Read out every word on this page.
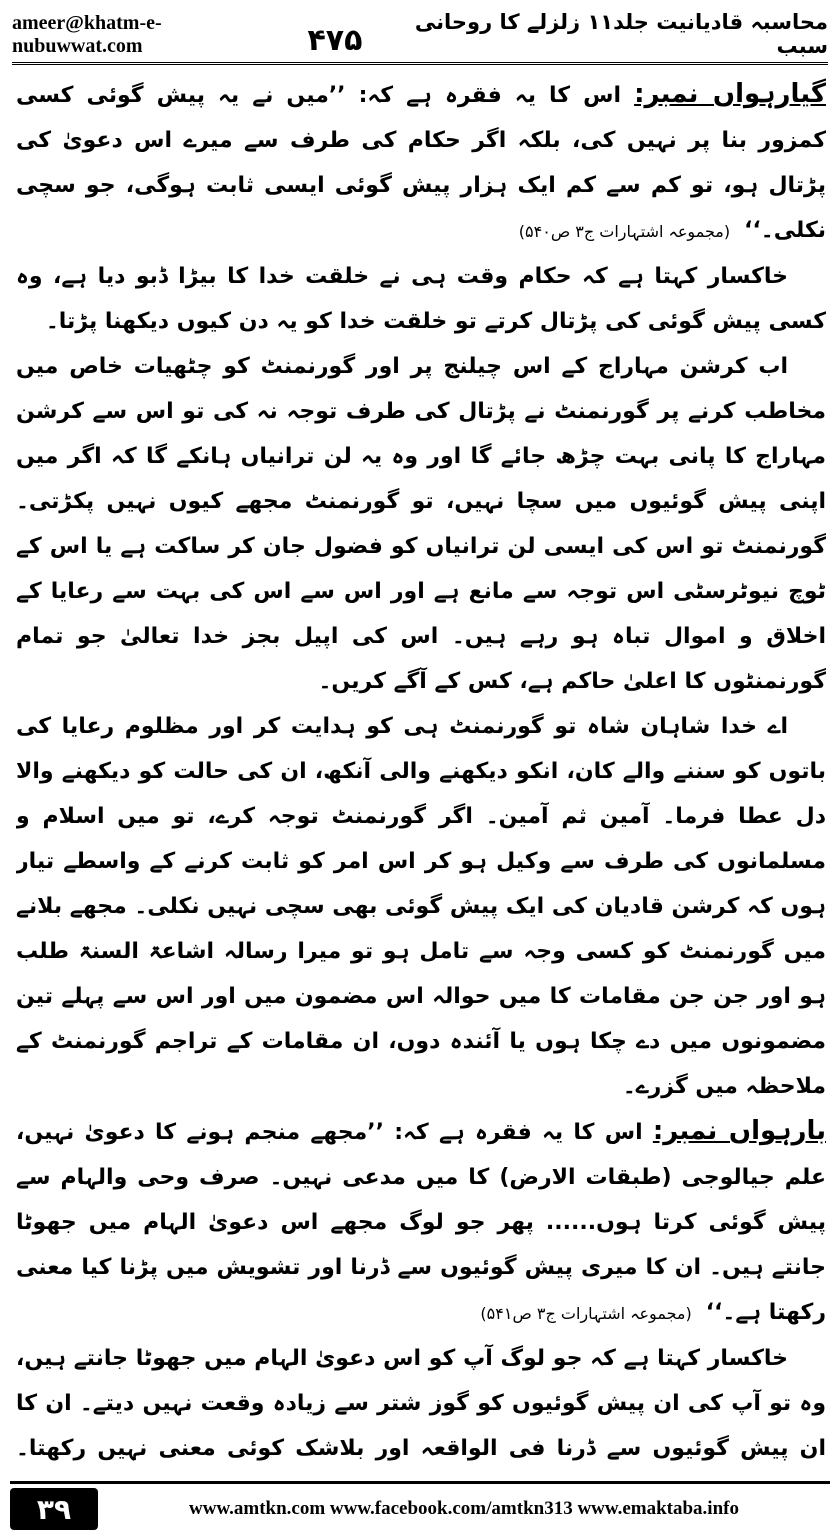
ameer@khatm-e-nubuwwat.com	۴۷۵
محاسبہ قادیانیت جلد۱۱ زلزلے کا روحانی سبب

گیارہواں نمبر: اس کا یہ فقرہ ہے کہ: ’’میں نے یہ پیش گوئی کسی کمزور بنا پر نہیں کی، بلکہ اگر حکام کی طرف سے میرے اس دعویٰ کی پڑتال ہو، تو کم سے کم ایک ہزار پیش گوئی ایسی ثابت ہوگی، جو سچی نکلی۔‘‘(مجموعہ اشتہارات ج۳ ص۵۴۰)

خاکسار کہتا ہے کہ حکام وقت ہی نے خلقت خدا کا بیڑا ڈبو دیا ہے، وہ کسی پیش گوئی کی پڑتال کرتے تو خلقت خدا کو یہ دن کیوں دیکھنا پڑتا۔

اب کرشن مہاراج کے اس چیلنج پر اور گورنمنٹ کو چٹھیات خاص میں مخاطب کرنے پر گورنمنٹ نے پڑتال کی طرف توجہ نہ کی تو اس سے کرشن مہاراج کا پانی بہت چڑھ جائے گا اور وہ یہ لن ترانیاں ہانکے گا کہ اگر میں اپنی پیش گوئیوں میں سچا نہیں، تو گورنمنٹ مجھے کیوں نہیں پکڑتی۔ گورنمنٹ تو اس کی ایسی لن ترانیاں کو فضول جان کر ساکت ہے یا اس کے ٹوچ نیوٹرسٹی اس توجہ سے مانع ہے اور اس سے اس کی بہت سے رعایا کے اخلاق و اموال تباہ ہو رہے ہیں۔ اس کی اپیل بجز خدا تعالیٰ جو تمام گورنمنٹوں کا اعلیٰ حاکم ہے، کس کے آگے کریں۔

اے خدا شاہان شاہ تو گورنمنٹ ہی کو ہدایت کر اور مظلوم رعایا کی باتوں کو سننے والے کان، انکو دیکھنے والی آنکھ، ان کی حالت کو دیکھنے والا دل عطا فرما۔ آمین ثم آمین۔ اگر گورنمنٹ توجہ کرے، تو میں اسلام و مسلمانوں کی طرف سے وکیل ہو کر اس امر کو ثابت کرنے کے واسطے تیار ہوں کہ کرشن قادیان کی ایک پیش گوئی بھی سچی نہیں نکلی۔ مجھے بلانے میں گورنمنٹ کو کسی وجہ سے تامل ہو تو میرا رسالہ اشاعۃ السنۃ طلب ہو اور جن جن مقامات کا میں حوالہ اس مضمون میں اور اس سے پہلے تین مضمونوں میں دے چکا ہوں یا آئندہ دوں، ان مقامات کے تراجم گورنمنٹ کے ملاحظہ میں گزرے۔

بارہواں نمبر: اس کا یہ فقرہ ہے کہ: ’’مجھے منجم ہونے کا دعویٰ نہیں، علم جیالوجی (طبقات الارض) کا میں مدعی نہیں۔ صرف وحی والہام سے پیش گوئی کرتا ہوں...... پھر جو لوگ مجھے اس دعویٰ الہام میں جھوٹا جانتے ہیں۔ ان کا میری پیش گوئیوں سے ڈرنا اور تشویش میں پڑنا کیا معنی رکھتا ہے۔‘‘(مجموعہ اشتہارات ج۳ ص۵۴۱)

خاکسار کہتا ہے کہ جو لوگ آپ کو اس دعویٰ الہام میں جھوٹا جانتے ہیں، وہ تو آپ کی ان پیش گوئیوں کو گوز شتر سے زیادہ وقعت نہیں دیتے۔ ان کا ان پیش گوئیوں سے ڈرنا فی الواقعہ اور بلاشک کوئی معنی نہیں رکھتا۔

۳۹	www.amtkn.com www.facebook.com/amtkn313 www.emaktaba.info
